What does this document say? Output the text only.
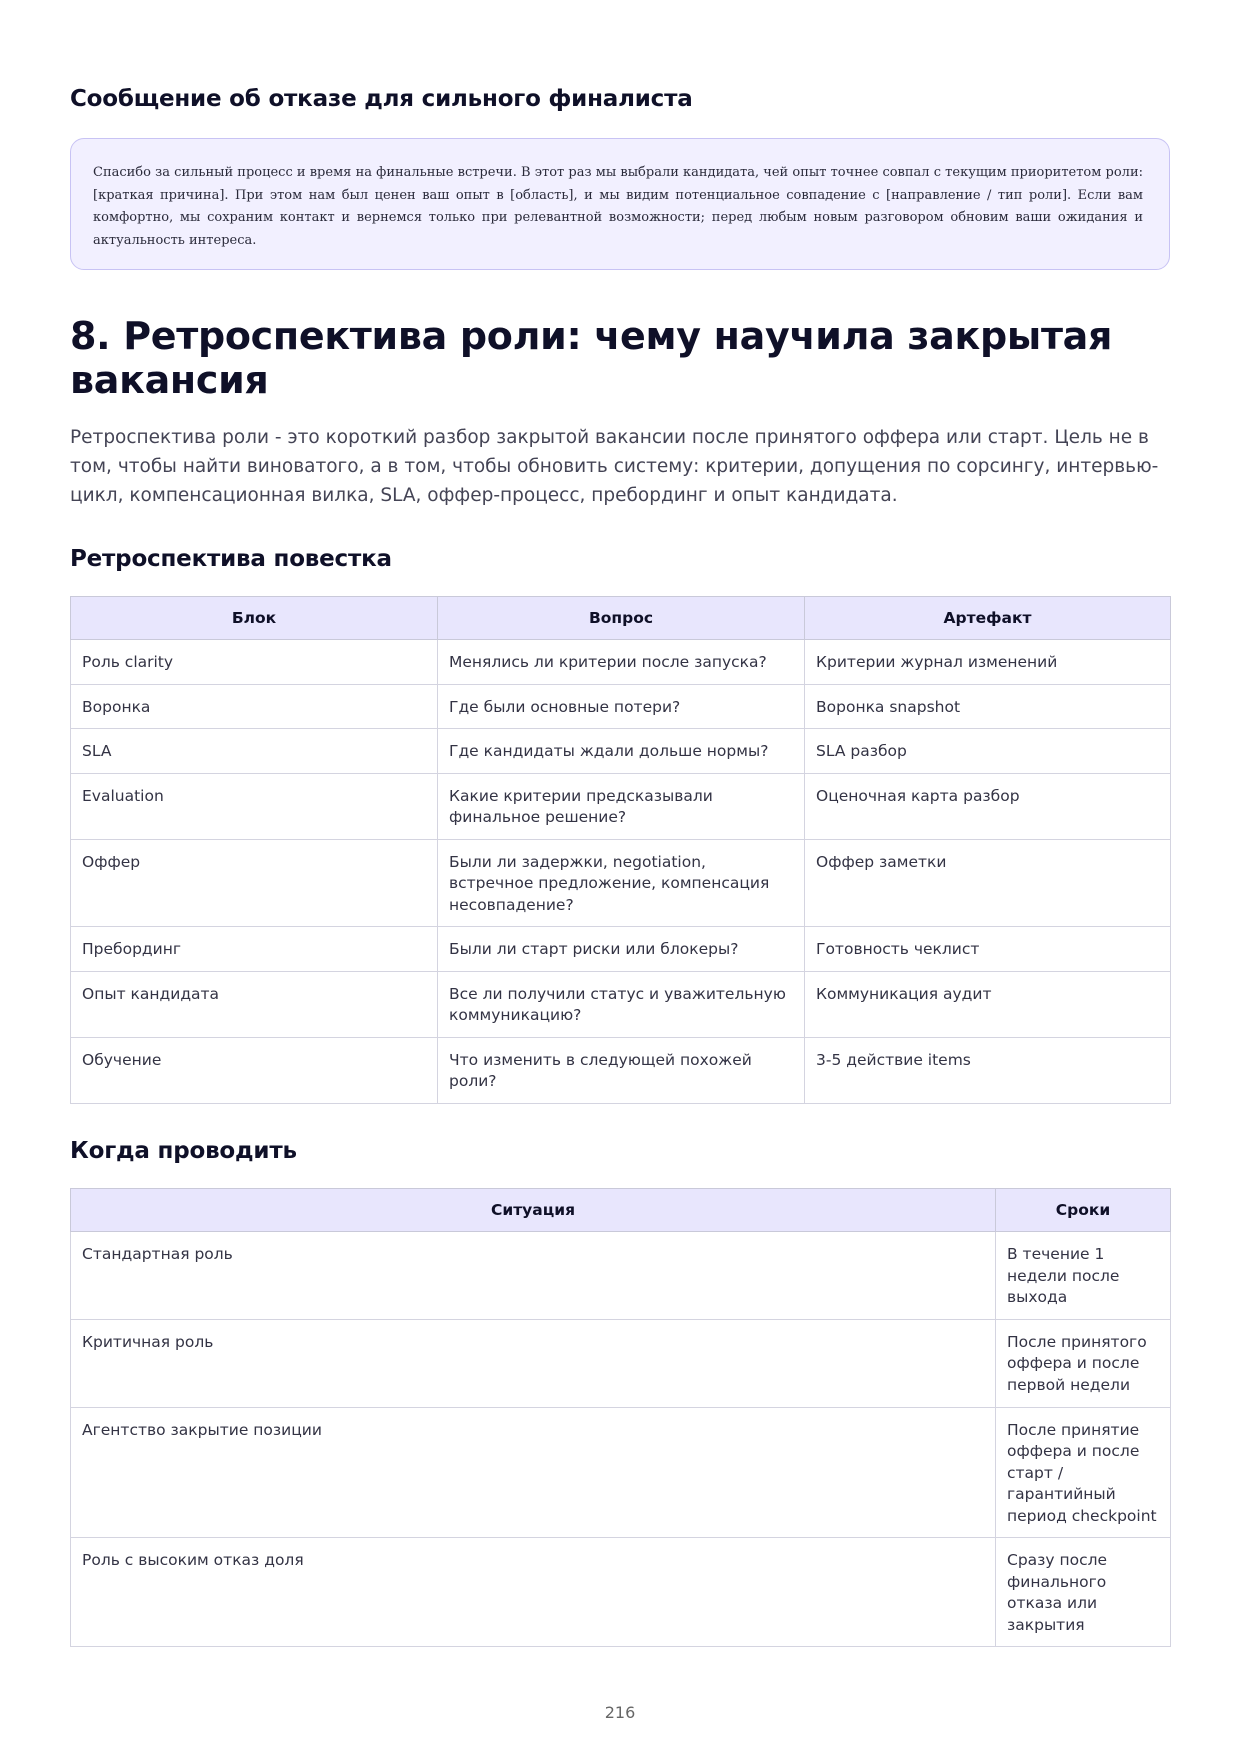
Сообщение об отказе для сильного финалиста

Спасибо за сильный процесс и время на финальные встречи. В этот раз мы выбрали кандидата, чей опыт точнее совпал с текущим приоритетом роли: [краткая причина]. При этом нам был ценен ваш опыт в [область], и мы видим потенциальное совпадение с [направление / тип роли]. Если вам комфортно, мы сохраним контакт и вернемся только при релевантной возможности; перед любым новым разговором обновим ваши ожидания и актуальность интереса.

8. Ретроспектива роли: чему научила закрытая вакансия

Ретроспектива роли - это короткий разбор закрытой вакансии после принятого оффера или старт. Цель не в том, чтобы найти виноватого, а в том, чтобы обновить систему: критерии, допущения по сорсингу, интервью-цикл, компенсационная вилка, SLA, оффер-процесс, пребординг и опыт кандидата.

Ретроспектива повестка
Блок	Вопрос	Артефакт
Роль clarity	Менялись ли критерии после запуска?	Критерии журнал изменений
Воронка	Где были основные потери?	Воронка snapshot
SLA	Где кандидаты ждали дольше нормы?	SLA разбор
Evaluation	Какие критерии предсказывали финальное решение?	Оценочная карта разбор
Оффер	Были ли задержки, negotiation, встречное предложение, компенсация несовпадение?	Оффер заметки
Пребординг	Были ли старт риски или блокеры?	Готовность чеклист
Опыт кандидата	Все ли получили статус и уважительную коммуникацию?	Коммуникация аудит
Обучение	Что изменить в следующей похожей роли?	3-5 действие items
Когда проводить
Ситуация	Сроки
Стандартная роль	В течение 1 недели после выхода
Критичная роль	После принятого оффера и после первой недели
Агентство закрытие позиции	После принятие оффера и после старт / гарантийный период checkpoint
Роль с высоким отказ доля	Сразу после финального отказа или закрытия
216
